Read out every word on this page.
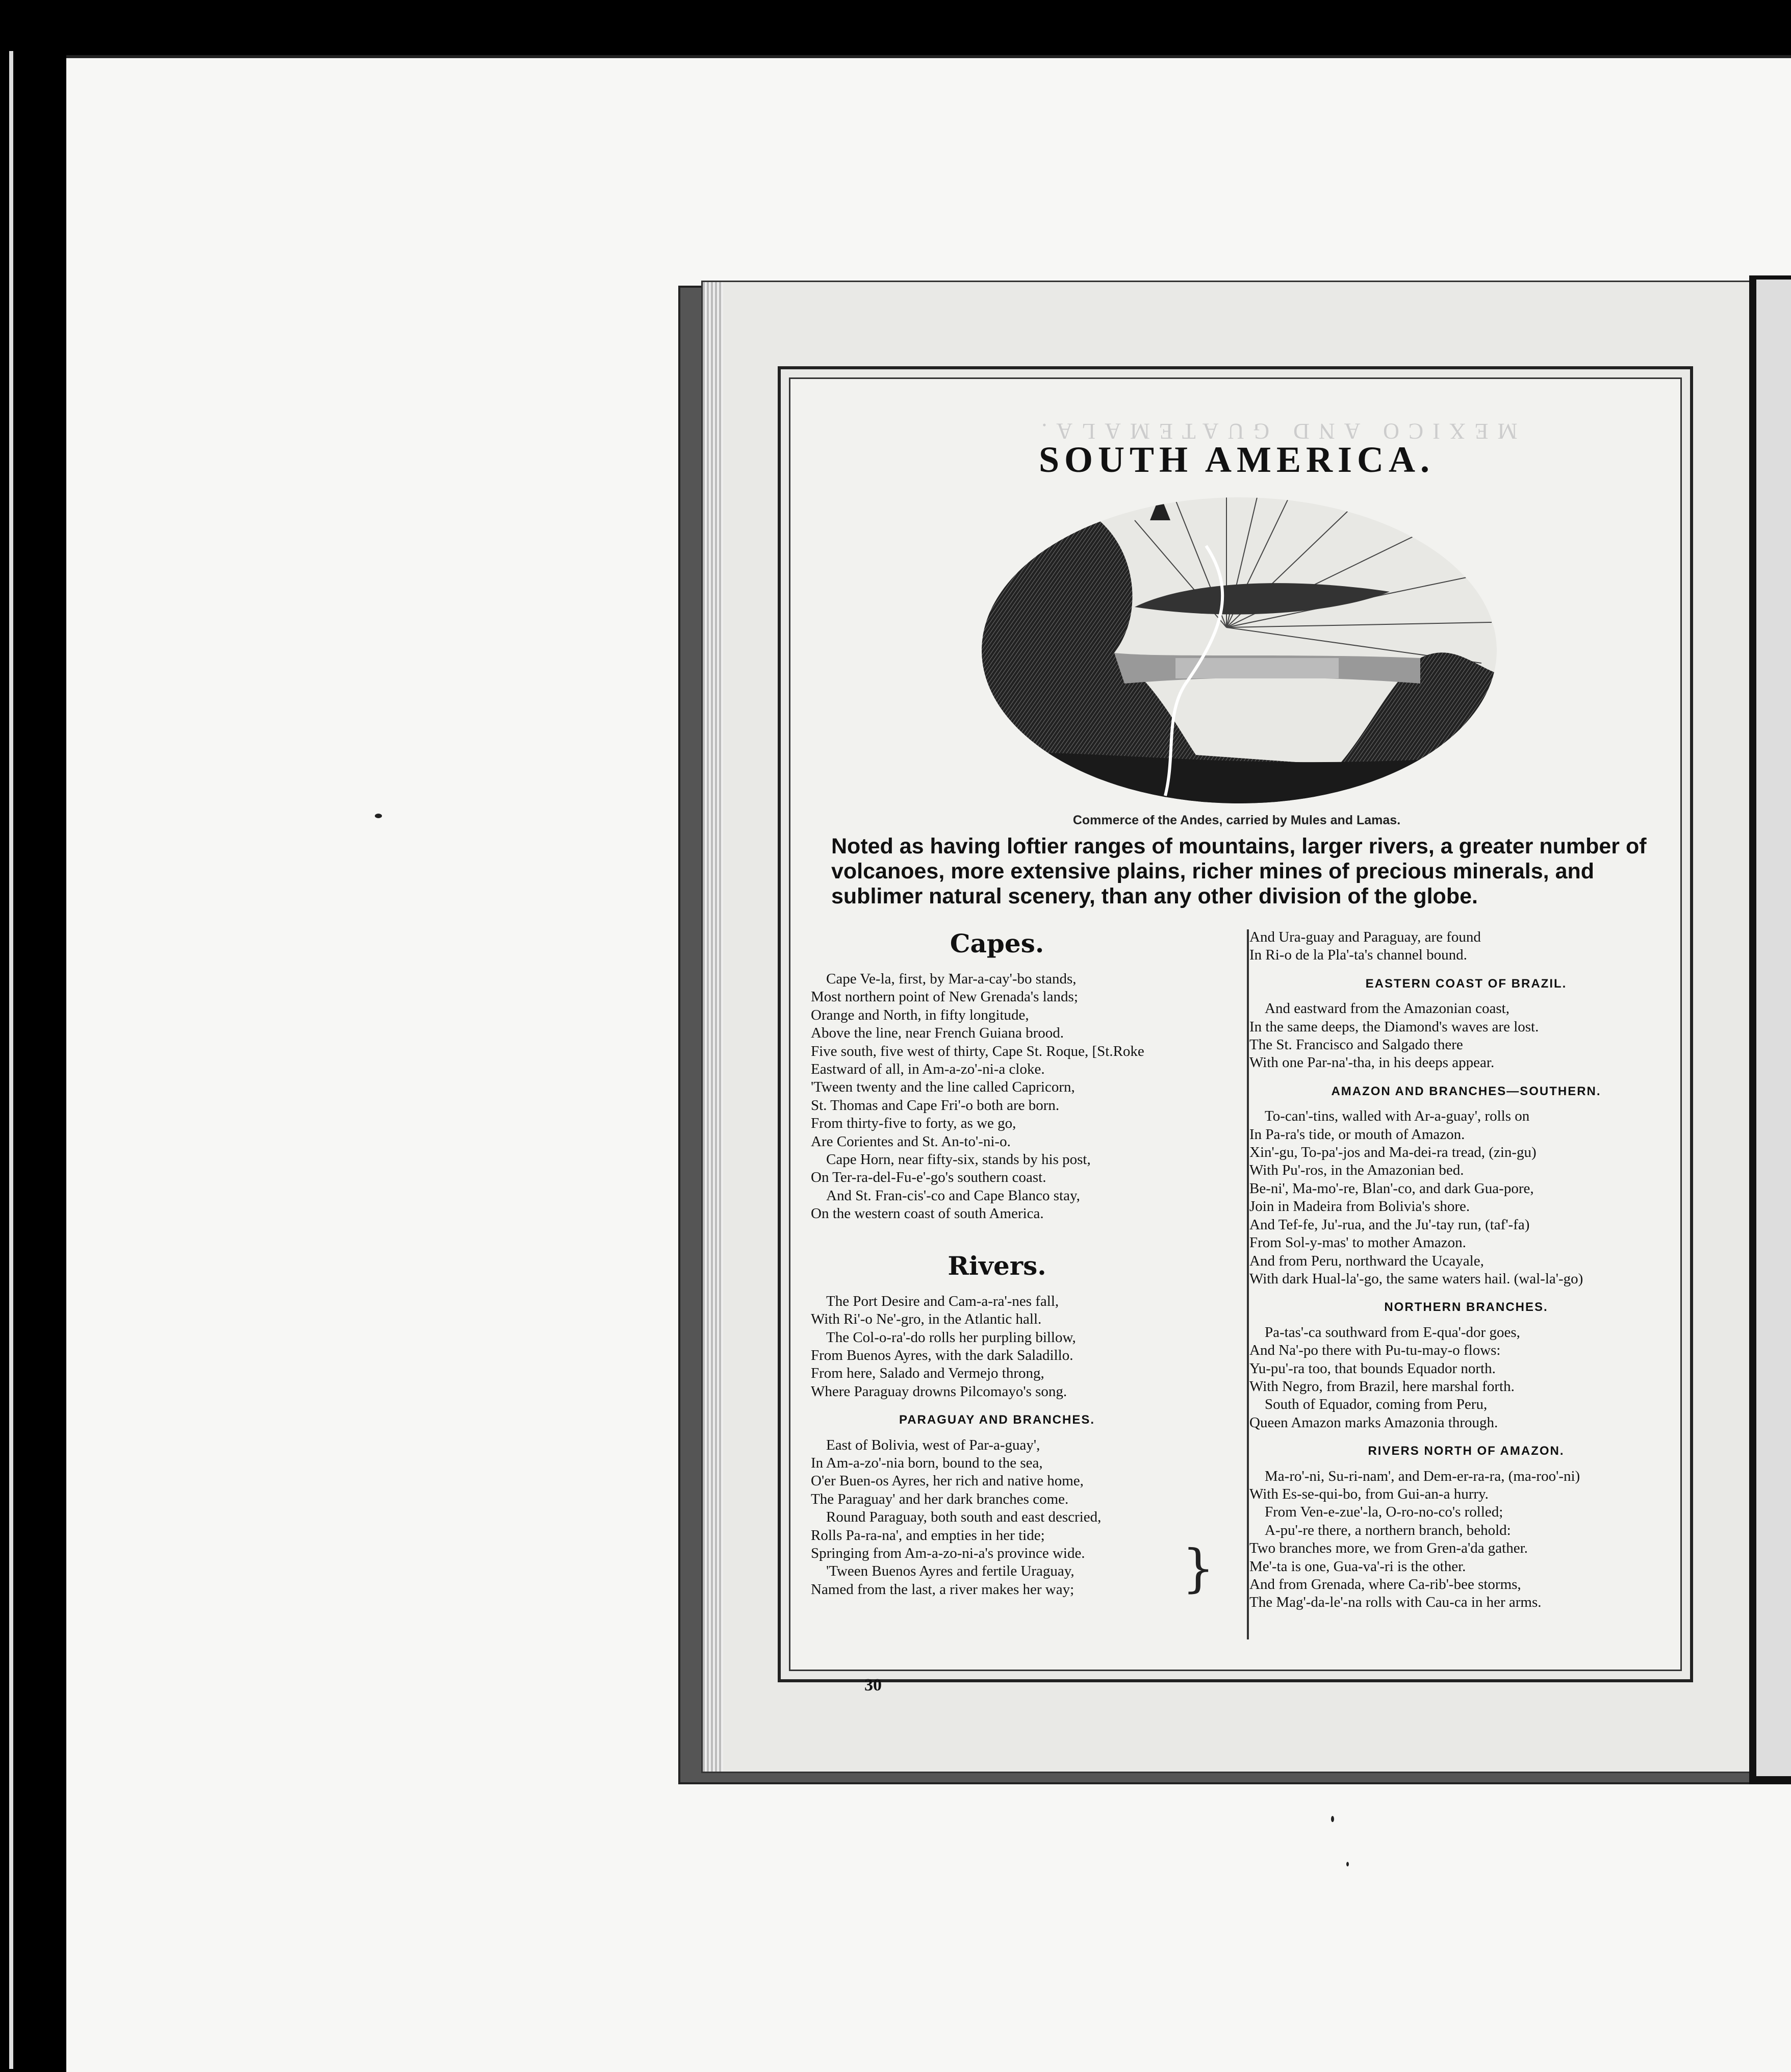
MEXICO AND GUATEMALA.
SOUTH AMERICA.
Commerce of the Andes, carried by Mules and Lamas.

Noted as having loftier ranges of mountains, larger rivers, a greater number of volcanoes, more extensive plains, richer mines of precious minerals, and sublimer natural scenery, than any other division of the globe.

Capes.
Cape Ve-la, first, by Mar-a-cay'-bo stands,
Most northern point of New Grenada's lands;
Orange and North, in fifty longitude,
Above the line, near French Guiana brood.
Five south, five west of thirty, Cape St. Roque, [St.Roke
Eastward of all, in Am-a-zo'-ni-a cloke.
'Tween twenty and the line called Capricorn,
St. Thomas and Cape Fri'-o both are born.
From thirty-five to forty, as we go,
Are Corientes and St. An-to'-ni-o.
Cape Horn, near fifty-six, stands by his post,
On Ter-ra-del-Fu-e'-go's southern coast.
And St. Fran-cis'-co and Cape Blanco stay,
On the western coast of south America.
Rivers.
The Port Desire and Cam-a-ra'-nes fall,
With Ri'-o Ne'-gro, in the Atlantic hall.
The Col-o-ra'-do rolls her purpling billow,
From Buenos Ayres, with the dark Saladillo.
From here, Salado and Vermejo throng,
Where Paraguay drowns Pilcomayo's song.
PARAGUAY AND BRANCHES.
East of Bolivia, west of Par-a-guay',
In Am-a-zo'-nia born, bound to the sea,
O'er Buen-os Ayres, her rich and native home,
The Paraguay' and her dark branches come.
Round Paraguay, both south and east descried,
Rolls Pa-ra-na', and empties in her tide;
Springing from Am-a-zo-ni-a's province wide.
'Tween Buenos Ayres and fertile Uraguay,
Named from the last, a river makes her way;	}
And Ura-guay and Paraguay, are found
In Ri-o de la Pla'-ta's channel bound.
EASTERN COAST OF BRAZIL.
And eastward from the Amazonian coast,
In the same deeps, the Diamond's waves are lost.
The St. Francisco and Salgado there
With one Par-na'-tha, in his deeps appear.
AMAZON AND BRANCHES—SOUTHERN.
To-can'-tins, walled with Ar-a-guay', rolls on
In Pa-ra's tide, or mouth of Amazon.
Xin'-gu, To-pa'-jos and Ma-dei-ra tread, (zin-gu)
With Pu'-ros, in the Amazonian bed.
Be-ni', Ma-mo'-re, Blan'-co, and dark Gua-pore,
Join in Madeira from Bolivia's shore.
And Tef-fe, Ju'-rua, and the Ju'-tay run, (taf'-fa)
From Sol-y-mas' to mother Amazon.
And from Peru, northward the Ucayale,
With dark Hual-la'-go, the same waters hail. (wal-la'-go)
NORTHERN BRANCHES.
Pa-tas'-ca southward from E-qua'-dor goes,
And Na'-po there with Pu-tu-may-o flows:
Yu-pu'-ra too, that bounds Equador north.
With Negro, from Brazil, here marshal forth.
South of Equador, coming from Peru,
Queen Amazon marks Amazonia through.
RIVERS NORTH OF AMAZON.
Ma-ro'-ni, Su-ri-nam', and Dem-er-ra-ra, (ma-roo'-ni)
With Es-se-qui-bo, from Gui-an-a hurry.
From Ven-e-zue'-la, O-ro-no-co's rolled;
A-pu'-re there, a northern branch, behold:
Two branches more, we from Gren-a'da gather.
Me'-ta is one, Gua-va'-ri is the other.
And from Grenada, where Ca-rib'-bee storms,
The Mag'-da-le'-na rolls with Cau-ca in her arms.
30
